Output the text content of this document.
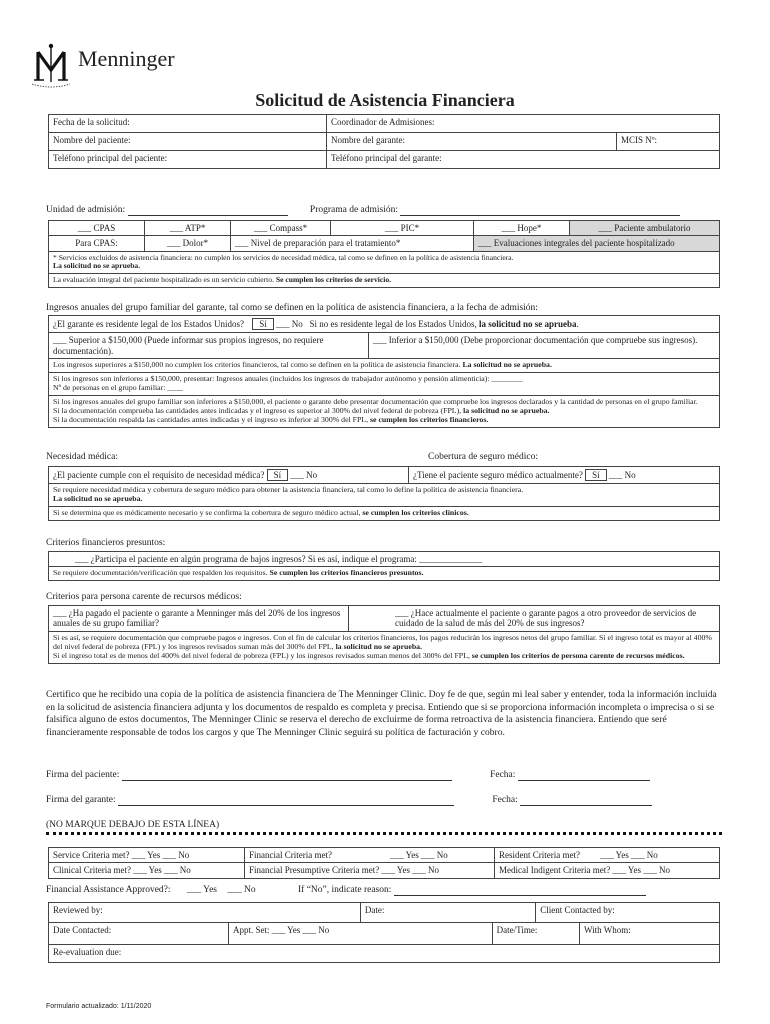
Menninger
Solicitud de Asistencia Financiera
Fecha de la solicitud:	Coordinador de Admisiones:	
Nombre del paciente:	Nombre del garante:	MCIS Nº:
Teléfono principal del paciente:	Teléfono principal del garante:	
Unidad de admisión:	Programa de admisión:
___ CPAS	___ ATP*	___ Compass*	___ PIC*	___ Hope*	___ Paciente ambulatorio
Para CPAS:	___ Dolor*	___ Nivel de preparación para el tratamiento*		___ Evaluaciones integrales del paciente hospitalizado	
* Servicios excluidos de asistencia financiera: no cumplen los servicios de necesidad médica, tal como se definen en la política de asistencia financiera.
La solicitud no se aprueba.					
La evaluación integral del paciente hospitalizado es un servicio cubierto. Se cumplen los criterios de servicio.					
Ingresos anuales del grupo familiar del garante, tal como se definen en la política de asistencia financiera, a la fecha de admisión:
¿El garante es residente legal de los Estados Unidos? Sí ___ No Si no es residente legal de los Estados Unidos, la solicitud no se aprueba.
___ Superior a $150,000 (Puede informar sus propios ingresos, no requiere documentación).	___ Inferior a $150,000 (Debe proporcionar documentación que compruebe sus ingresos).
Los ingresos superiores a $150,000 no cumplen los criterios financieros, tal como se definen en la política de asistencia financiera. La solicitud no se aprueba.

Si los ingresos son inferiores a $150,000, presentar: Ingresos anuales (incluidos los ingresos de trabajador autónomo y pensión alimenticia): ________
Nº de personas en el grupo familiar: ____

Si los ingresos anuales del grupo familiar son inferiores a $150,000, el paciente o garante debe presentar documentación que compruebe los ingresos declarados y la cantidad de personas en el grupo familiar.
Si la documentación comprueba las cantidades antes indicadas y el ingreso es superior al 300% del nivel federal de pobreza (FPL), la solicitud no se aprueba.
Si la documentación respalda las cantidades antes indicadas y el ingreso es inferior al 300% del FPL, se cumplen los criterios financieros.
Necesidad médica:	Cobertura de seguro médico:
¿El paciente cumple con el requisito de necesidad médica? Sí ___ No	¿Tiene el paciente seguro médico actualmente? Sí ___ No

Se requiere necesidad médica y cobertura de seguro médico para obtener la asistencia financiera, tal como lo define la política de asistencia financiera.
La solicitud no se aprueba.

Si se determina que es médicamente necesario y se confirma la cobertura de seguro médico actual, se cumplen los criterios clínicos.
Criterios financieros presuntos:
___ ¿Participa el paciente en algún programa de bajos ingresos? Si es así, indique el programa: ______________
Se requiere documentación/verificación que respalden los requisitos. Se cumplen los criterios financieros presuntos.
Criterios para persona carente de recursos médicos:
___ ¿Ha pagado el paciente o garante a Menninger más del 20% de los ingresos anuales de su grupo familiar?	___ ¿Hace actualmente el paciente o garante pagos a otro proveedor de servicios de cuidado de la salud de más del 20% de sus ingresos?

Si es así, se requiere documentación que compruebe pagos e ingresos. Con el fin de calcular los criterios financieros, los pagos reducirán los ingresos netos del grupo familiar. Si el ingreso total es mayor al 400% del nivel federal de pobreza (FPL) y los ingresos revisados suman más del 300% del FPL, la solicitud no se aprueba.
Si el ingreso total es de menos del 400% del nivel federal de pobreza (FPL) y los ingresos revisados suman menos del 300% del FPL, se cumplen los criterios de persona carente de recursos médicos.
Certifico que he recibido una copia de la política de asistencia financiera de The Menninger Clinic. Doy fe de que, según mi leal saber y entender, toda la información incluida en la solicitud de asistencia financiera adjunta y los documentos de respaldo es completa y precisa. Entiendo que si se proporciona información incompleta o imprecisa o si se falsifica alguno de estos documentos, The Menninger Clinic se reserva el derecho de excluirme de forma retroactiva de la asistencia financiera. Entiendo que seré financieramente responsable de todos los cargos y que The Menninger Clinic seguirá su política de facturación y cobro.
Firma del paciente:	Fecha:
Firma del garante:	Fecha:
(NO MARQUE DEBAJO DE ESTA LÍNEA)
Service Criteria met? ___ Yes ___ No	Financial Criteria met? ___ Yes ___ No	Resident Criteria met? ___ Yes ___ No
Clinical Criteria met? ___ Yes ___ No	Financial Presumptive Criteria met? ___ Yes ___ No	Medical Indigent Criteria met? ___ Yes ___ No
Financial Assistance Approved?: ___ Yes ___ No	If “No”, indicate reason:
Reviewed by:		Date:		Client Contacted by:	
Date Contacted:	Appt. Set: ___ Yes ___ No		Date/Time:		With Whom:
Re-evaluation due:					
Formulario actualizado: 1/11/2020
